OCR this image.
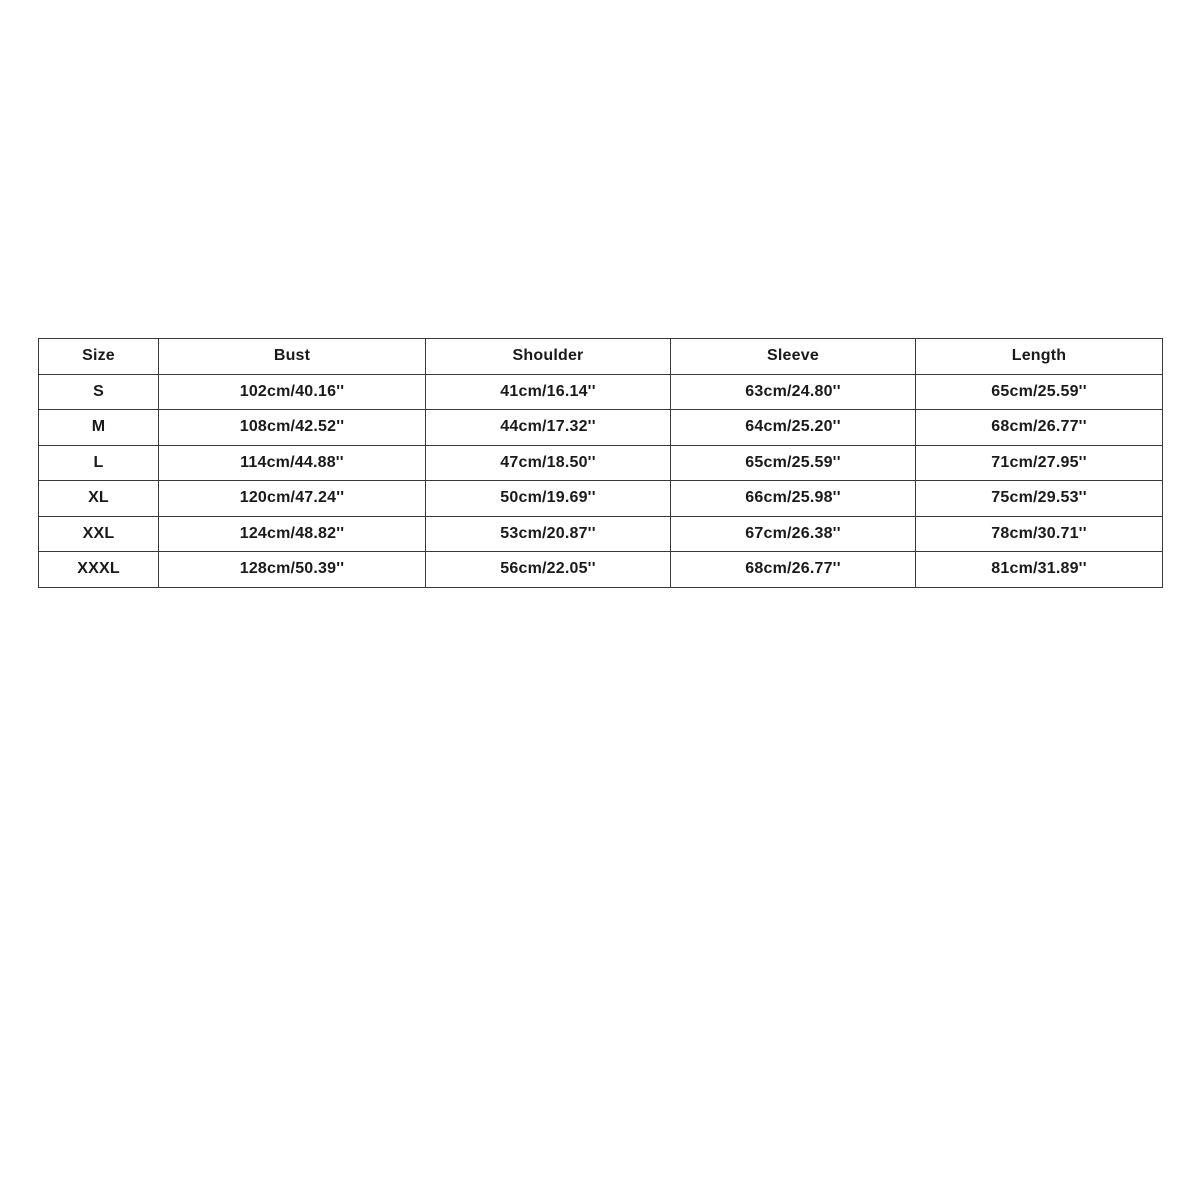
Size	Bust	Shoulder	Sleeve	Length
S	102cm/40.16''	41cm/16.14''	63cm/24.80''	65cm/25.59''
M	108cm/42.52''	44cm/17.32''	64cm/25.20''	68cm/26.77''
L	114cm/44.88''	47cm/18.50''	65cm/25.59''	71cm/27.95''
XL	120cm/47.24''	50cm/19.69''	66cm/25.98''	75cm/29.53''
XXL	124cm/48.82''	53cm/20.87''	67cm/26.38''	78cm/30.71''
XXXL	128cm/50.39''	56cm/22.05''	68cm/26.77''	81cm/31.89''
